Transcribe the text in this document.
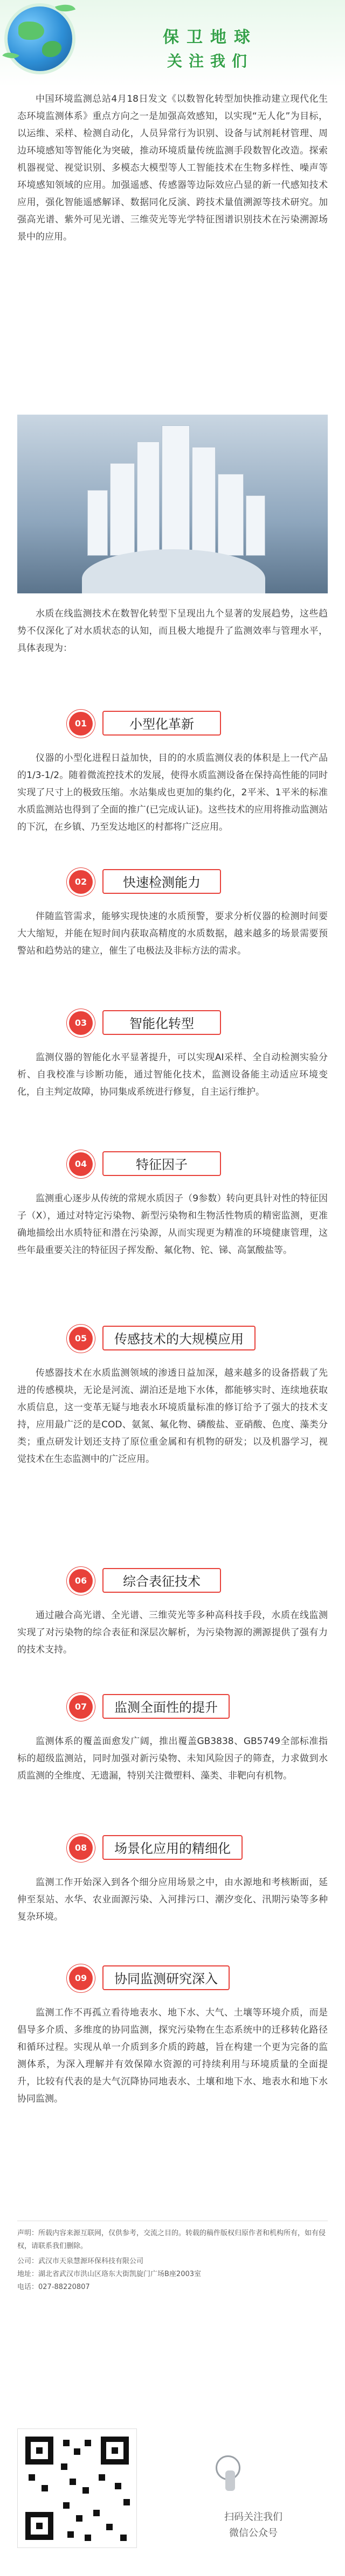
保卫地球
关注我们
中国环境监测总站4月18日发文《以数智化转型加快推动建立现代化生态环境监测体系》重点方向之一是加强高效感知，以实现“无人化”为目标，以运维、采样、检测自动化，人员异常行为识别、设备与试剂耗材管理、周边环境感知等智能化为突破，推动环境质量传统监测手段数智化改造。探索机器视觉、视觉识别、多模态大模型等人工智能技术在生物多样性、噪声等环境感知领域的应用。加强遥感、传感器等边际效应凸显的新一代感知技术应用，强化智能遥感解译、数据同化反演、跨技术量值溯源等技术研究。加强高光谱、紫外可见光谱、三维荧光等光学特征图谱识别技术在污染溯源场景中的应用。
水质在线监测技术在数智化转型下呈现出九个显著的发展趋势，这些趋势不仅深化了对水质状态的认知，而且极大地提升了监测效率与管理水平，具体表现为：
01	小型化革新
仪器的小型化进程日益加快，目的的水质监测仪表的体积是上一代产品的1/3-1/2。随着微流控技术的发展，使得水质监测设备在保持高性能的同时实现了尺寸上的极致压缩。水站集成也更加的集约化，2平米、1平米的标准水质监测站也得到了全面的推广(已完成认证)。这些技术的应用将推动监测站的下沉，在乡镇、乃至发达地区的村都将广泛应用。
02	快速检测能力
伴随监管需求，能够实现快速的水质预警，要求分析仪器的检测时间要大大缩短，并能在短时间内获取高精度的水质数据，越来越多的场景需要预警站和趋势站的建立，催生了电极法及非标方法的需求。
03	智能化转型
监测仪器的智能化水平显著提升，可以实现AI采样、全自动检测实验分析、自我校准与诊断功能，通过智能化技术，监测设备能主动适应环境变化，自主判定故障，协同集成系统进行修复，自主运行维护。
04	特征因子
监测重心逐步从传统的常规水质因子（9参数）转向更具针对性的特征因子（X），通过对特定污染物、新型污染物和生物活性物质的精密监测，更准确地描绘出水质特征和潜在污染源，从而实现更为精准的环境健康管理，这些年最重要关注的特征因子挥发酚、氟化物、铊、锑、高氯酸盐等。
05	传感技术的大规模应用
传感器技术在水质监测领域的渗透日益加深，越来越多的设备搭载了先进的传感模块，无论是河流、湖泊还是地下水体，都能够实时、连续地获取水质信息，这一变革无疑与地表水环境质量标准的修订给予了强大的技术支持，应用最广泛的是COD、氨氮、氟化物、磷酸盐、亚硝酸、色度、藻类分类；重点研发计划还支持了原位重金属和有机物的研发；以及机器学习，视觉技术在生态监测中的广泛应用。
06	综合表征技术
通过融合高光谱、全光谱、三维荧光等多种高科技手段，水质在线监测实现了对污染物的综合表征和深层次解析，为污染物源的溯源提供了强有力的技术支持。
07	监测全面性的提升
监测体系的覆盖面愈发广阔，推出覆盖GB3838、GB5749全部标准指标的超级监测站，同时加强对新污染物、未知风险因子的筛查，力求做到水质监测的全维度、无遗漏，特别关注微塑料、藻类、非靶向有机物。
08	场景化应用的精细化
监测工作开始深入到各个细分应用场景之中，由水源地和考核断面，延伸至泵站、水华、农业面源污染、入河排污口、潮汐变化、汛期污染等多种复杂环境。
09	协同监测研究深入
监测工作不再孤立看待地表水、地下水、大气、土壤等环境介质，而是倡导多介质、多维度的协同监测，探究污染物在生态系统中的迁移转化路径和循环过程。实现从单一介质到多介质的跨越，旨在构建一个更为完备的监测体系，为深入理解并有效保障水资源的可持续利用与环境质量的全面提升，比较有代表的是大气沉降协同地表水、土壤和地下水、地表水和地下水协同监测。
声明：所载内容来源互联网，仅供参考，交流之目的。转载的稿件版权归原作者和机构所有，如有侵权，请联系我们删除。
公司：武汉市天泉慧源环保科技有限公司
地址：湖北省武汉市洪山区珞东大街凯旋门广场B座2003室
电话：027-88220807
扫码关注我们
微信公众号
